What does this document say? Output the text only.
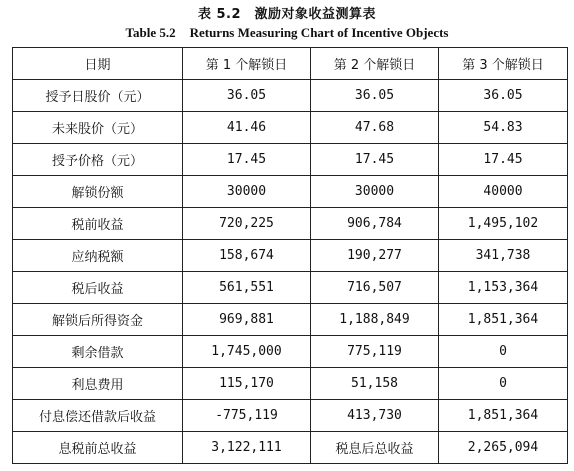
表 5.2　激励对象收益测算表
Table 5.2 Returns Measuring Chart of Incentive Objects
日期	第 1 个解锁日	第 2 个解锁日	第 3 个解锁日
授予日股价（元）	36.05	36.05	36.05
未来股价（元）	41.46	47.68	54.83
授予价格（元）	17.45	17.45	17.45
解锁份额	30000	30000	40000
税前收益	720,225	906,784	1,495,102
应纳税额	158,674	190,277	341,738
税后收益	561,551	716,507	1,153,364
解锁后所得资金	969,881	1,188,849	1,851,364
剩余借款	1,745,000	775,119	0
利息费用	115,170	51,158	0
付息偿还借款后收益	-775,119	413,730	1,851,364
息税前总收益	3,122,111	税息后总收益	2,265,094
